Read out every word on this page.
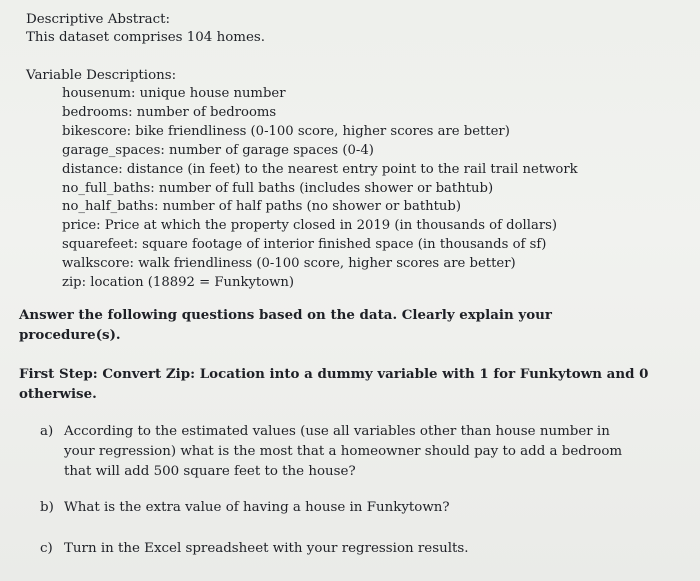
Descriptive Abstract:
This dataset comprises 104 homes.
Variable Descriptions:
housenum: unique house number
bedrooms: number of bedrooms
bikescore: bike friendliness (0-100 score, higher scores are better)
garage_spaces: number of garage spaces (0-4)
distance: distance (in feet) to the nearest entry point to the rail trail network
no_full_baths: number of full baths (includes shower or bathtub)
no_half_baths: number of half paths (no shower or bathtub)
price: Price at which the property closed in 2019 (in thousands of dollars)
squarefeet: square footage of interior finished space (in thousands of sf)
walkscore: walk friendliness (0-100 score, higher scores are better)
zip: location (18892 = Funkytown)
Answer the following questions based on the data. Clearly explain your
procedure(s).
First Step: Convert Zip: Location into a dummy variable with 1 for Funkytown and 0
otherwise.
a) According to the estimated values (use all variables other than house number in
your regression) what is the most that a homeowner should pay to add a bedroom
that will add 500 square feet to the house?
b) What is the extra value of having a house in Funkytown?
c) Turn in the Excel spreadsheet with your regression results.
